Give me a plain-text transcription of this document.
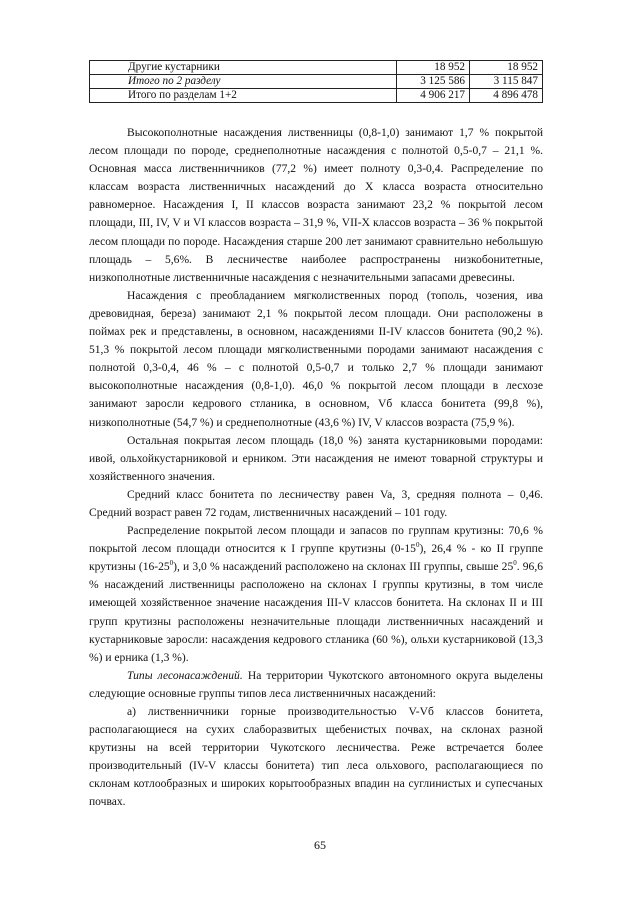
Другие кустарники	18 952	18 952
Итого по 2 разделу	3 125 586	3 115 847
Итого по разделам 1+2	4 906 217	4 896 478

Высокополнотные насаждения лиственницы (0,8-1,0) занимают 1,7 % покрытой лесом площади по породе, среднеполнотные насаждения с полнотой 0,5-0,7 – 21,1 %. Основная масса лиственничников (77,2 %) имеет полноту 0,3-0,4. Распределение по классам возраста лиственничных насаждений до Х класса возраста относительно равномерное. Насаждения I, II классов возраста занимают 23,2 % покрытой лесом площади, III, IV, V и VI классов возраста – 31,9 %, VII-X классов возраста – 36 % покрытой лесом площади по породе. Насаждения старше 200 лет занимают сравнительно небольшую площадь – 5,6%. В лесничестве наиболее распространены низкобонитетные, низкополнотные лиственничные насаждения с незначительными запасами древесины.

Насаждения с преобладанием мягколиственных пород (тополь, чозения, ива древовидная, береза) занимают 2,1 % покрытой лесом площади. Они расположены в поймах рек и представлены, в основном, насаждениями II-IV классов бонитета (90,2 %). 51,3 % покрытой лесом площади мягколиственными породами занимают насаждения с полнотой 0,3-0,4, 46 % – с полнотой 0,5-0,7 и только 2,7 % площади занимают высокополнотные насаждения (0,8-1,0). 46,0 % покрытой лесом площади в лесхозе занимают заросли кедрового стланика, в основном, Vб класса бонитета (99,8 %), низкополнотные (54,7 %) и среднеполнотные (43,6 %) IV, V классов возраста (75,9 %).

Остальная покрытая лесом площадь (18,0 %) занята кустарниковыми породами: ивой, ольхойкустарниковой и ерником. Эти насаждения не имеют товарной структуры и хозяйственного значения.

Средний класс бонитета по лесничеству равен Va, 3, средняя полнота – 0,46. Средний возраст равен 72 годам, лиственничных насаждений – 101 году.

Распределение покрытой лесом площади и запасов по группам крутизны: 70,6 % покрытой лесом площади относится к I группе крутизны $(0-15^0)$, 26,4 % - ко II группе крутизны $(16-25^0)$, и 3,0 % насаждений расположено на склонах III группы, свыше $25^0$. 96,6 % насаждений лиственницы расположено на склонах I группы крутизны, в том числе имеющей хозяйственное значение насаждения III-V классов бонитета. На склонах II и III групп крутизны расположены незначительные площади лиственничных насаждений и кустарниковые заросли: насаждения кедрового стланика (60 %), ольхи кустарниковой (13,3 %) и ерника (1,3 %).

Типы лесонасаждений. На территории Чукотского автономного округа выделены следующие основные группы типов леса лиственничных насаждений:

а) лиственничники горные производительностью V-Vб классов бонитета, располагающиеся на сухих слаборазвитых щебенистых почвах, на склонах разной крутизны на всей территории Чукотского лесничества. Реже встречается более производительный (IV-V классы бонитета) тип леса ольхового, располагающиеся по склонам котлообразных и широких корытообразных впадин на суглинистых и супесчаных почвах.

65
